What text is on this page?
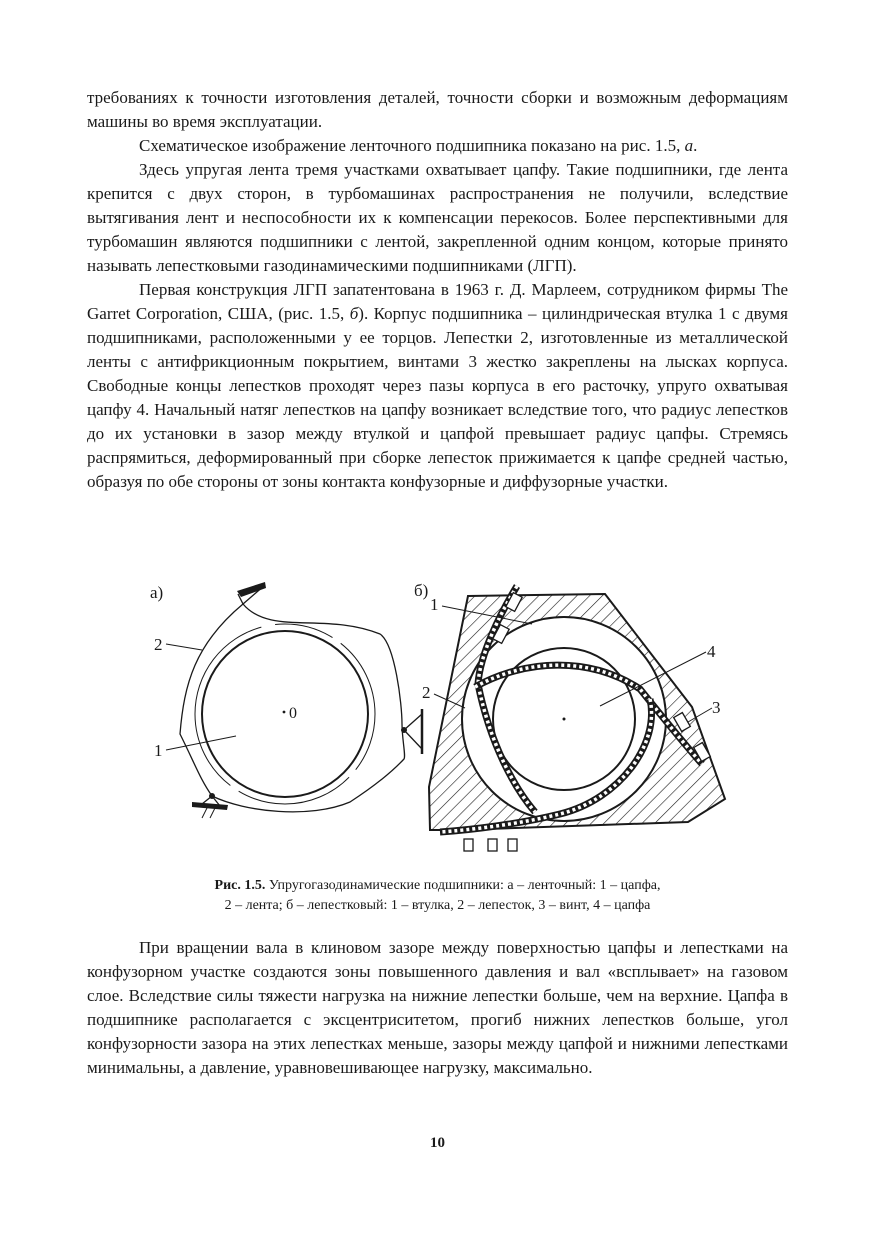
требованиях к точности изготовления деталей, точности сборки и возможным деформациям машины во время эксплуатации.

Схематическое изображение ленточного подшипника показано на рис. 1.5, а.

Здесь упругая лента тремя участками охватывает цапфу. Такие подшипники, где лента крепится с двух сторон, в турбомашинах распространения не получили, вследствие вытягивания лент и неспособности их к компенсации перекосов. Более перспективными для турбомашин являются подшипники с лентой, закрепленной одним концом, которые принято называть лепестковыми газодинамическими подшипниками (ЛГП).

Первая конструкция ЛГП запатентована в 1963 г. Д. Марлеем, сотрудником фирмы The Garret Corporation, США, (рис. 1.5, б). Корпус подшипника – цилиндрическая втулка 1 с двумя подшипниками, расположенными у ее торцов. Лепестки 2, изготовленные из металлической ленты с антифрикционным покрытием, винтами 3 жестко закреплены на лысках корпуса. Свободные концы лепестков проходят через пазы корпуса в его расточку, упруго охватывая цапфу 4. Начальный натяг лепестков на цапфу возникает вследствие того, что радиус лепестков до их установки в зазор между втулкой и цапфой превышает радиус цапфы. Стремясь распрямиться, деформированный при сборке лепесток прижимается к цапфе средней частью, образуя по обе стороны от зоны контакта конфузорные и диффузорные участки.

а)
0
2
1
б)
1
4
2
3
Рис. 1.5. Упругогазодинамические подшипники: а – ленточный: 1 – цапфа,
2 – лента; б – лепестковый: 1 – втулка, 2 – лепесток, 3 – винт, 4 – цапфа

При вращении вала в клиновом зазоре между поверхностью цапфы и лепестками на конфузорном участке создаются зоны повышенного давления и вал «всплывает» на газовом слое. Вследствие силы тяжести нагрузка на нижние лепестки больше, чем на верхние. Цапфа в подшипнике располагается с эксцентриситетом, прогиб нижних лепестков больше, угол конфузорности зазора на этих лепестках меньше, зазоры между цапфой и нижними лепестками минимальны, а давление, уравновешивающее нагрузку, максимально.

10
